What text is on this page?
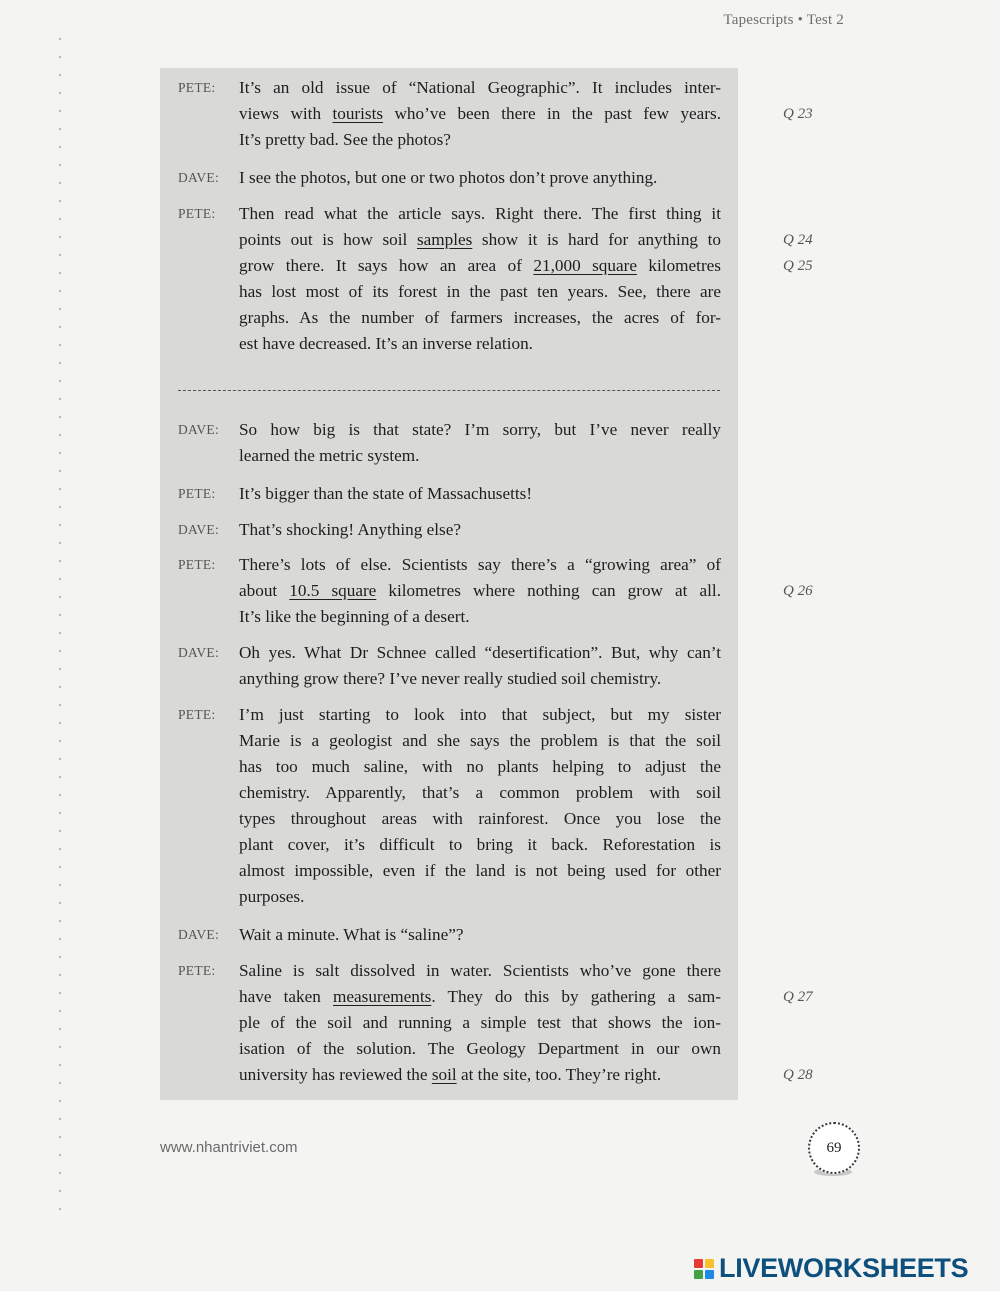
Tapescripts • Test 2
PETE: It’s an old issue of “National Geographic”. It includes inter-
views with tourists who’ve been there in the past few years.	Q 23
It’s pretty bad. See the photos?
DAVE: I see the photos, but one or two photos don’t prove anything.
PETE: Then read what the article says. Right there. The first thing it
points out is how soil samples show it is hard for anything to	Q 24
grow there. It says how an area of 21,000 square kilometres	Q 25
has lost most of its forest in the past ten years. See, there are
graphs. As the number of farmers increases, the acres of for-
est have decreased. It’s an inverse relation.
DAVE: So how big is that state? I’m sorry, but I’ve never really
learned the metric system.
PETE: It’s bigger than the state of Massachusetts!
DAVE: That’s shocking! Anything else?
PETE: There’s lots of else. Scientists say there’s a “growing area” of
about 10.5 square kilometres where nothing can grow at all.	Q 26
It’s like the beginning of a desert.
DAVE: Oh yes. What Dr Schnee called “desertification”. But, why can’t
anything grow there? I’ve never really studied soil chemistry.
PETE: I’m just starting to look into that subject, but my sister
Marie is a geologist and she says the problem is that the soil
has too much saline, with no plants helping to adjust the
chemistry. Apparently, that’s a common problem with soil
types throughout areas with rainforest. Once you lose the
plant cover, it’s difficult to bring it back. Reforestation is
almost impossible, even if the land is not being used for other
purposes.
DAVE: Wait a minute. What is “saline”?
PETE: Saline is salt dissolved in water. Scientists who’ve gone there
have taken measurements. They do this by gathering a sam-	Q 27
ple of the soil and running a simple test that shows the ion-
isation of the solution. The Geology Department in our own
university has reviewed the soil at the site, too. They’re right.	Q 28
www.nhantriviet.com	69
LIVEWORKSHEETS
